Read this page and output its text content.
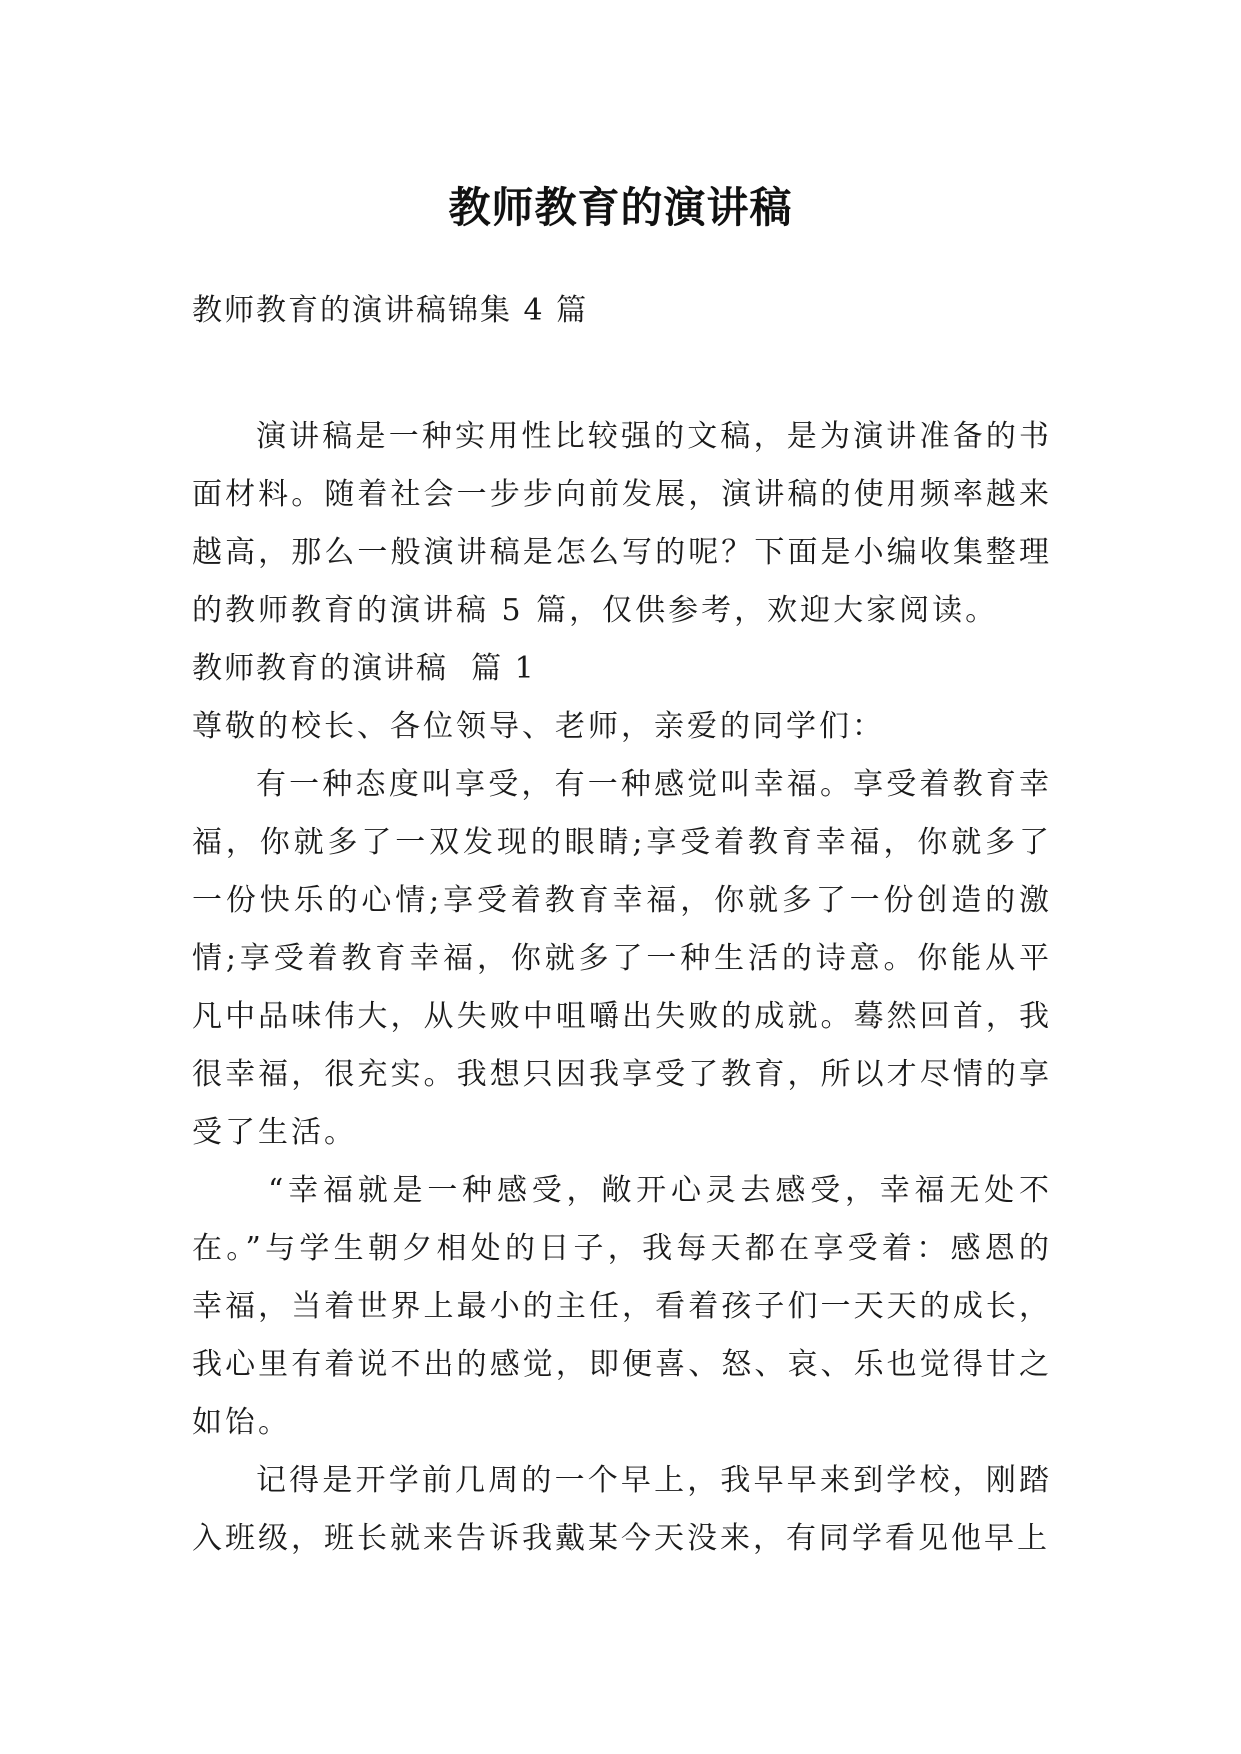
教师教育的演讲稿
教师教育的演讲稿锦集 4 篇

演讲稿是一种实用性比较强的文稿，是为演讲准备的书面材料。随着社会一步步向前发展，演讲稿的使用频率越来越高，那么一般演讲稿是怎么写的呢？下面是小编收集整理的教师教育的演讲稿 5 篇，仅供参考，欢迎大家阅读。

教师教育的演讲稿  篇 1

尊敬的校长、各位领导、老师，亲爱的同学们：

有一种态度叫享受，有一种感觉叫幸福。享受着教育幸福，你就多了一双发现的眼睛;享受着教育幸福，你就多了一份快乐的心情;享受着教育幸福，你就多了一份创造的激情;享受着教育幸福，你就多了一种生活的诗意。你能从平凡中品味伟大，从失败中咀嚼出失败的成就。蓦然回首，我很幸福，很充实。我想只因我享受了教育，所以才尽情的享受了生活。

“幸福就是一种感受，敞开心灵去感受，幸福无处不在。”与学生朝夕相处的日子，我每天都在享受着：感恩的幸福，当着世界上最小的主任，看着孩子们一天天的成长，我心里有着说不出的感觉，即便喜、怒、哀、乐也觉得甘之如饴。

记得是开学前几周的一个早上，我早早来到学校，刚踏入班级，班长就来告诉我戴某今天没来，有同学看见他早上
